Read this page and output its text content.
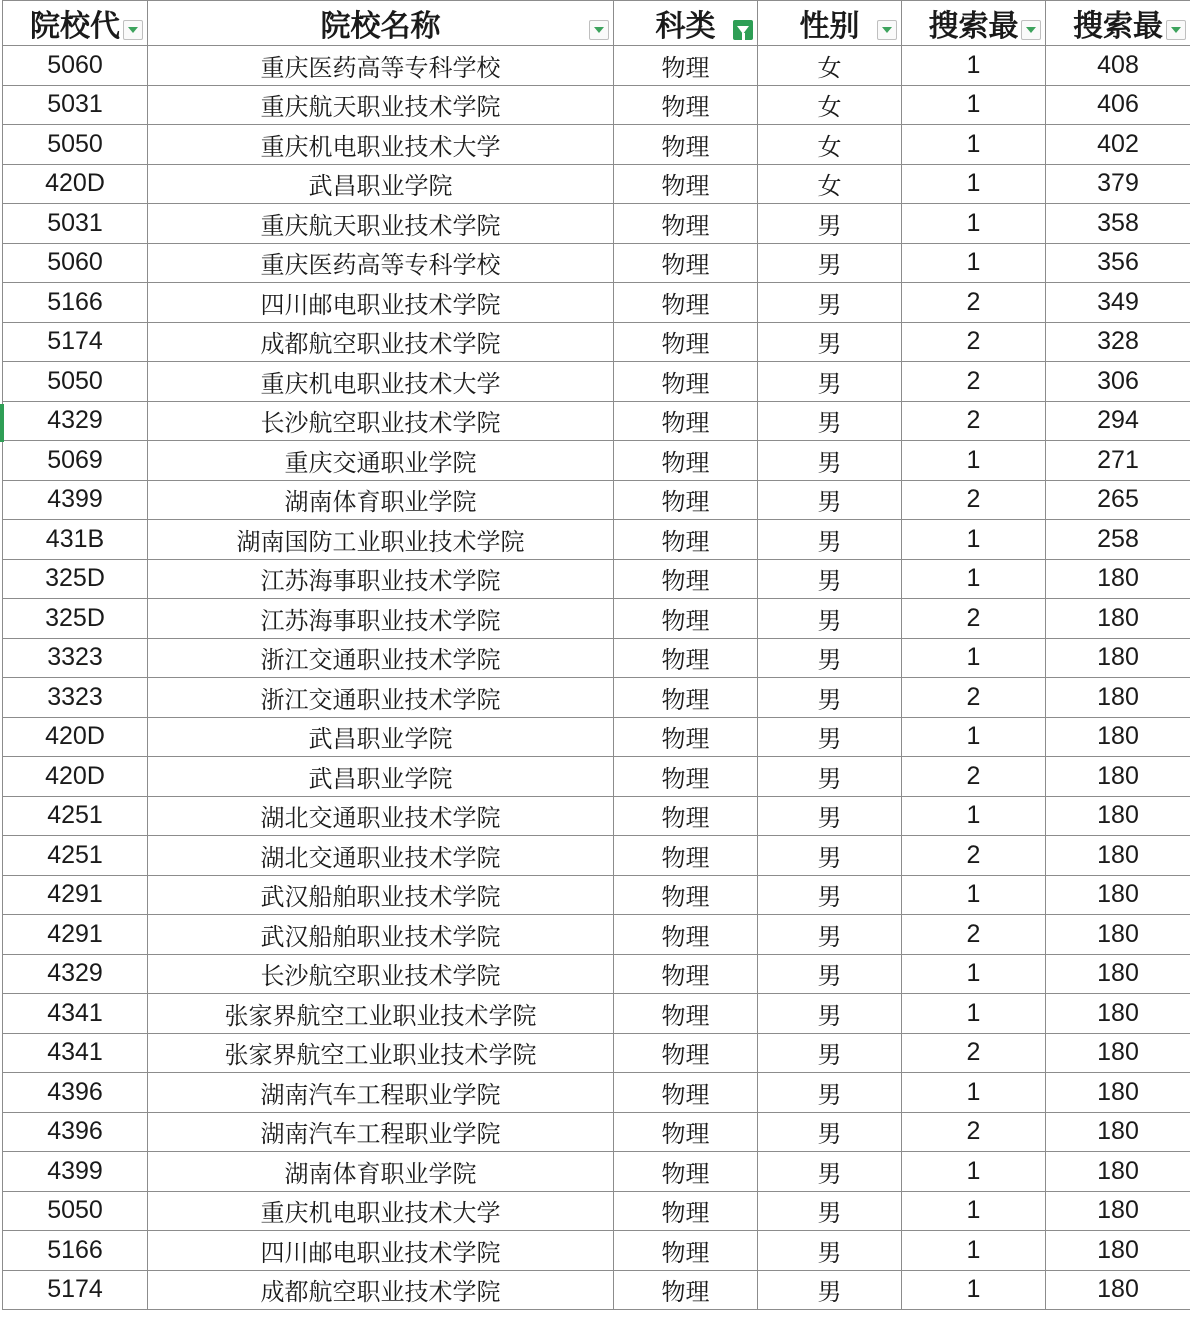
院校代	院校名称	科类	性别	搜索最	搜索最

5060	重庆医药高等专科学校	物理	女	1	408
5031	重庆航天职业技术学院	物理	女	1	406
5050	重庆机电职业技术大学	物理	女	1	402
420D	武昌职业学院	物理	女	1	379
5031	重庆航天职业技术学院	物理	男	1	358
5060	重庆医药高等专科学校	物理	男	1	356
5166	四川邮电职业技术学院	物理	男	2	349
5174	成都航空职业技术学院	物理	男	2	328
5050	重庆机电职业技术大学	物理	男	2	306
4329	长沙航空职业技术学院	物理	男	2	294
5069	重庆交通职业学院	物理	男	1	271
4399	湖南体育职业学院	物理	男	2	265
431B	湖南国防工业职业技术学院	物理	男	1	258
325D	江苏海事职业技术学院	物理	男	1	180
325D	江苏海事职业技术学院	物理	男	2	180
3323	浙江交通职业技术学院	物理	男	1	180
3323	浙江交通职业技术学院	物理	男	2	180
420D	武昌职业学院	物理	男	1	180
420D	武昌职业学院	物理	男	2	180
4251	湖北交通职业技术学院	物理	男	1	180
4251	湖北交通职业技术学院	物理	男	2	180
4291	武汉船舶职业技术学院	物理	男	1	180
4291	武汉船舶职业技术学院	物理	男	2	180
4329	长沙航空职业技术学院	物理	男	1	180
4341	张家界航空工业职业技术学院	物理	男	1	180
4341	张家界航空工业职业技术学院	物理	男	2	180
4396	湖南汽车工程职业学院	物理	男	1	180
4396	湖南汽车工程职业学院	物理	男	2	180
4399	湖南体育职业学院	物理	男	1	180
5050	重庆机电职业技术大学	物理	男	1	180
5166	四川邮电职业技术学院	物理	男	1	180
5174	成都航空职业技术学院	物理	男	1	180
